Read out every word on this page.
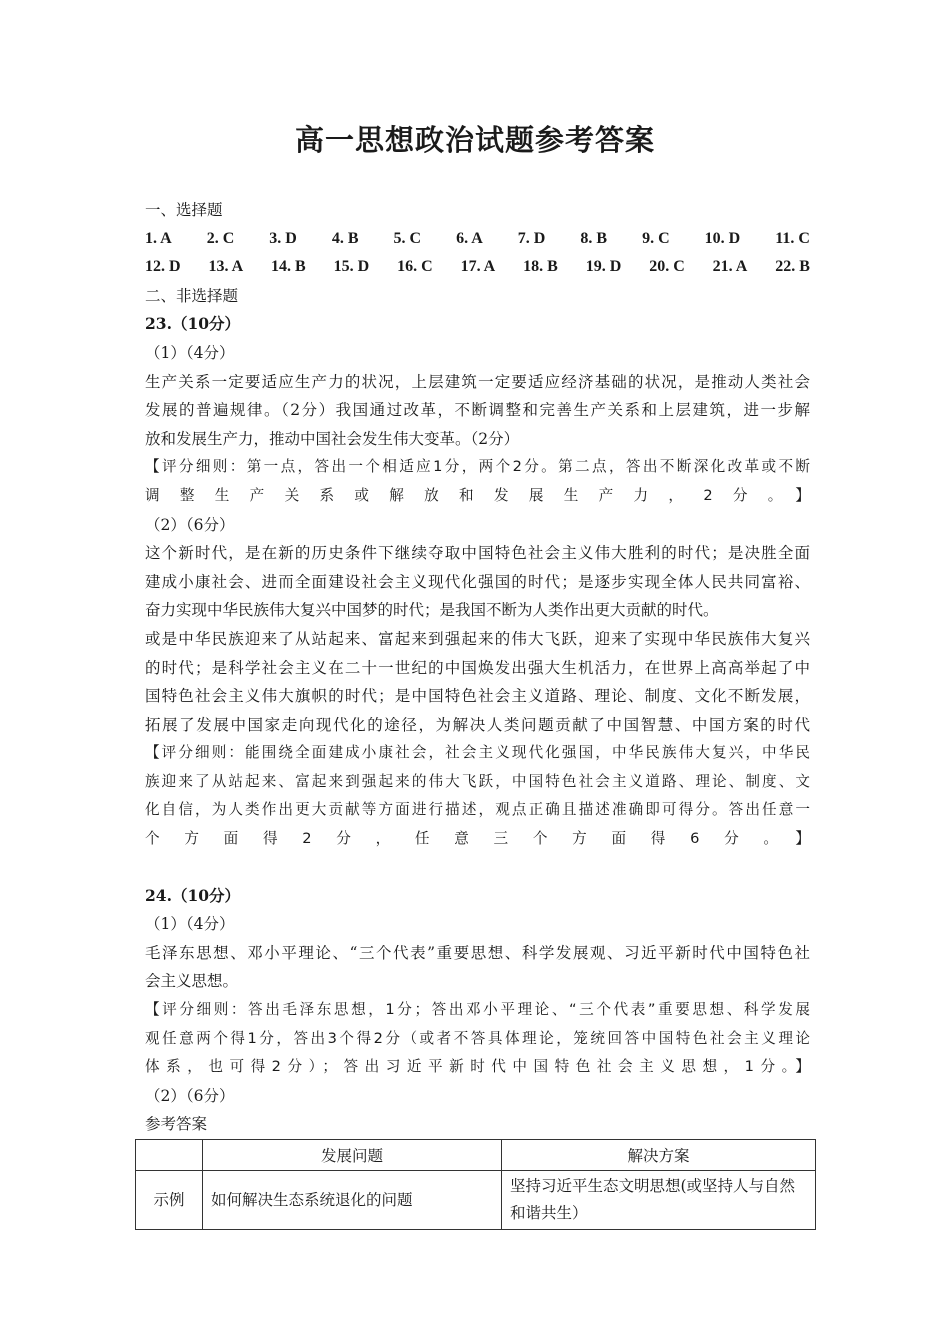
高一思想政治试题参考答案
一、选择题
1. A 2. C 3. D 4. B 5. C 6. A 7. D 8. B 9. C 10. D 11. C
12. D 13. A 14. B 15. D 16. C 17. A 18. B 19. D 20. C 21. A 22. B
二、非选择题
23.（10分）
（1）（4分）
生产关系一定要适应生产力的状况，上层建筑一定要适应经济基础的状况，是推动人类社会
发展的普遍规律。（2分）我国通过改革，不断调整和完善生产关系和上层建筑，进一步解
放和发展生产力，推动中国社会发生伟大变革。（2分）
【评分细则：第一点，答出一个相适应1分，两个2分。第二点，答出不断深化改革或不断
调整生产关系或解放和发展生产力，2分。】
（2）（6分）
这个新时代，是在新的历史条件下继续夺取中国特色社会主义伟大胜利的时代；是决胜全面
建成小康社会、进而全面建设社会主义现代化强国的时代；是逐步实现全体人民共同富裕、
奋力实现中华民族伟大复兴中国梦的时代；是我国不断为人类作出更大贡献的时代。
或是中华民族迎来了从站起来、富起来到强起来的伟大飞跃，迎来了实现中华民族伟大复兴
的时代；是科学社会主义在二十一世纪的中国焕发出强大生机活力，在世界上高高举起了中
国特色社会主义伟大旗帜的时代；是中国特色社会主义道路、理论、制度、文化不断发展，
拓展了发展中国家走向现代化的途径，为解决人类问题贡献了中国智慧、中国方案的时代
【评分细则：能围绕全面建成小康社会，社会主义现代化强国，中华民族伟大复兴，中华民
族迎来了从站起来、富起来到强起来的伟大飞跃，中国特色社会主义道路、理论、制度、文
化自信，为人类作出更大贡献等方面进行描述，观点正确且描述准确即可得分。答出任意一
个方面得2分，任意三个方面得6分。】
24.（10分）
（1）（4分）
毛泽东思想、邓小平理论、“三个代表”重要思想、科学发展观、习近平新时代中国特色社
会主义思想。
【评分细则：答出毛泽东思想，1分；答出邓小平理论、“三个代表”重要思想、科学发展
观任意两个得1分，答出3个得2分（或者不答具体理论，笼统回答中国特色社会主义理论
体系，也可得2分）；答出习近平新时代中国特色社会主义思想，1分。】
（2）（6分）
参考答案
	发展问题	解决方案
示例	如何解决生态系统退化的问题	坚持习近平生态文明思想(或坚持人与自然和谐共生）
